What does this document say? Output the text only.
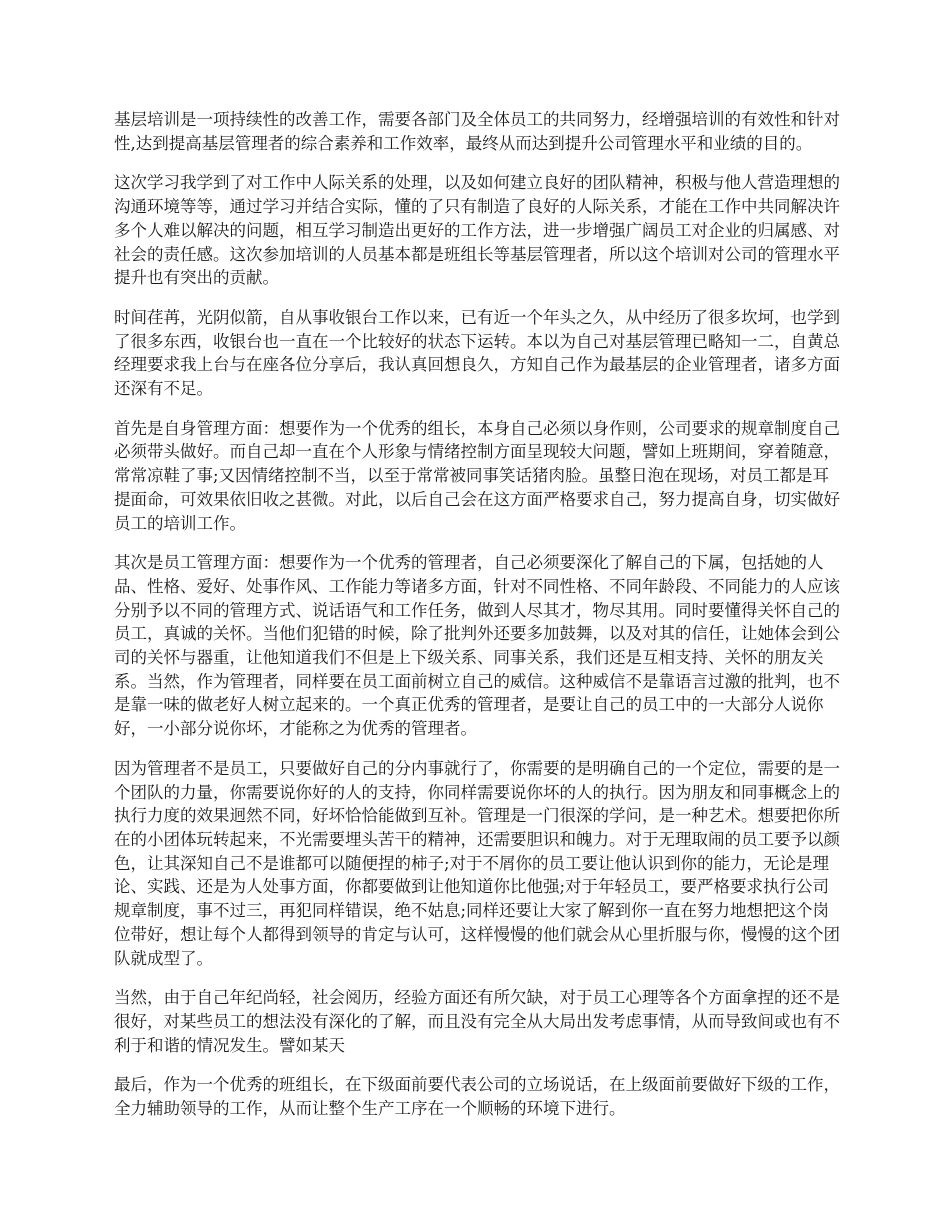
基层培训是一项持续性的改善工作，需要各部门及全体员工的共同努力，经增强培训的有效性和针对性,达到提高基层管理者的综合素养和工作效率，最终从而达到提升公司管理水平和业绩的目的。

这次学习我学到了对工作中人际关系的处理，以及如何建立良好的团队精神，积极与他人营造理想的沟通环境等等，通过学习并结合实际，懂的了只有制造了良好的人际关系，才能在工作中共同解决许多个人难以解决的问题，相互学习制造出更好的工作方法，进一步增强广阔员工对企业的归属感、对社会的责任感。这次参加培训的人员基本都是班组长等基层管理者，所以这个培训对公司的管理水平提升也有突出的贡献。

时间荏苒，光阴似箭，自从事收银台工作以来，已有近一个年头之久，从中经历了很多坎坷，也学到了很多东西，收银台也一直在一个比较好的状态下运转。本以为自己对基层管理已略知一二，自黄总经理要求我上台与在座各位分享后，我认真回想良久，方知自己作为最基层的企业管理者，诸多方面还深有不足。

首先是自身管理方面：想要作为一个优秀的组长，本身自己必须以身作则，公司要求的规章制度自己必须带头做好。而自己却一直在个人形象与情绪控制方面呈现较大问题，譬如上班期间，穿着随意，常常凉鞋了事;又因情绪控制不当，以至于常常被同事笑话猪肉脸。虽整日泡在现场，对员工都是耳提面命，可效果依旧收之甚微。对此，以后自己会在这方面严格要求自己，努力提高自身，切实做好员工的培训工作。

其次是员工管理方面：想要作为一个优秀的管理者，自己必须要深化了解自己的下属，包括她的人品、性格、爱好、处事作风、工作能力等诸多方面，针对不同性格、不同年龄段、不同能力的人应该分别予以不同的管理方式、说话语气和工作任务，做到人尽其才，物尽其用。同时要懂得关怀自己的员工，真诚的关怀。当他们犯错的时候，除了批判外还要多加鼓舞，以及对其的信任，让她体会到公司的关怀与器重，让他知道我们不但是上下级关系、同事关系，我们还是互相支持、关怀的朋友关系。当然，作为管理者，同样要在员工面前树立自己的威信。这种威信不是靠语言过激的批判，也不是靠一味的做老好人树立起来的。一个真正优秀的管理者，是要让自己的员工中的一大部分人说你好，一小部分说你坏，才能称之为优秀的管理者。

因为管理者不是员工，只要做好自己的分内事就行了，你需要的是明确自己的一个定位，需要的是一个团队的力量，你需要说你好的人的支持，你同样需要说你坏的人的执行。因为朋友和同事概念上的执行力度的效果迥然不同，好坏恰恰能做到互补。管理是一门很深的学问，是一种艺术。想要把你所在的小团体玩转起来，不光需要埋头苦干的精神，还需要胆识和魄力。对于无理取闹的员工要予以颜色，让其深知自己不是谁都可以随便捏的柿子;对于不屑你的员工要让他认识到你的能力，无论是理论、实践、还是为人处事方面，你都要做到让他知道你比他强;对于年轻员工，要严格要求执行公司规章制度，事不过三，再犯同样错误，绝不姑息;同样还要让大家了解到你一直在努力地想把这个岗位带好，想让每个人都得到领导的肯定与认可，这样慢慢的他们就会从心里折服与你，慢慢的这个团队就成型了。

当然，由于自己年纪尚轻，社会阅历，经验方面还有所欠缺，对于员工心理等各个方面拿捏的还不是很好，对某些员工的想法没有深化的了解，而且没有完全从大局出发考虑事情，从而导致间或也有不利于和谐的情况发生。譬如某天

最后，作为一个优秀的班组长，在下级面前要代表公司的立场说话，在上级面前要做好下级的工作，全力辅助领导的工作，从而让整个生产工序在一个顺畅的环境下进行。
